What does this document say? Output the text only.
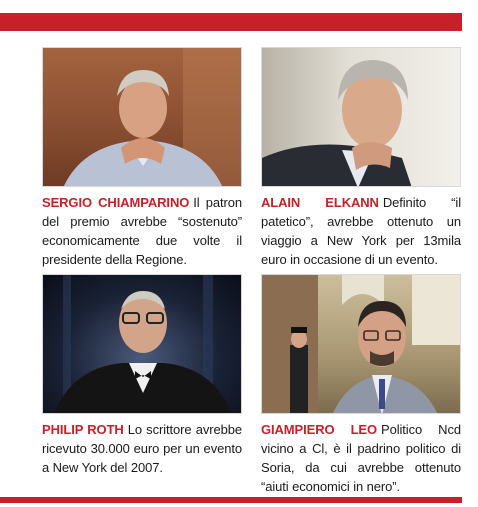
SERGIO CHIAMPARINO Il patron del premio avrebbe “sostenuto” economicamente due volte il presidente della Regione.
ALAIN ELKANN Definito “il patetico”, avrebbe ottenuto un viaggio a New York per 13mila euro in occasione di un evento.
PHILIP ROTH Lo scrittore avrebbe ricevuto 30.000 euro per un evento a New York del 2007.
GIAMPIERO LEO Politico Ncd vicino a Cl, è il padrino politico di Soria, da cui avrebbe ottenuto “aiuti economici in nero”.
